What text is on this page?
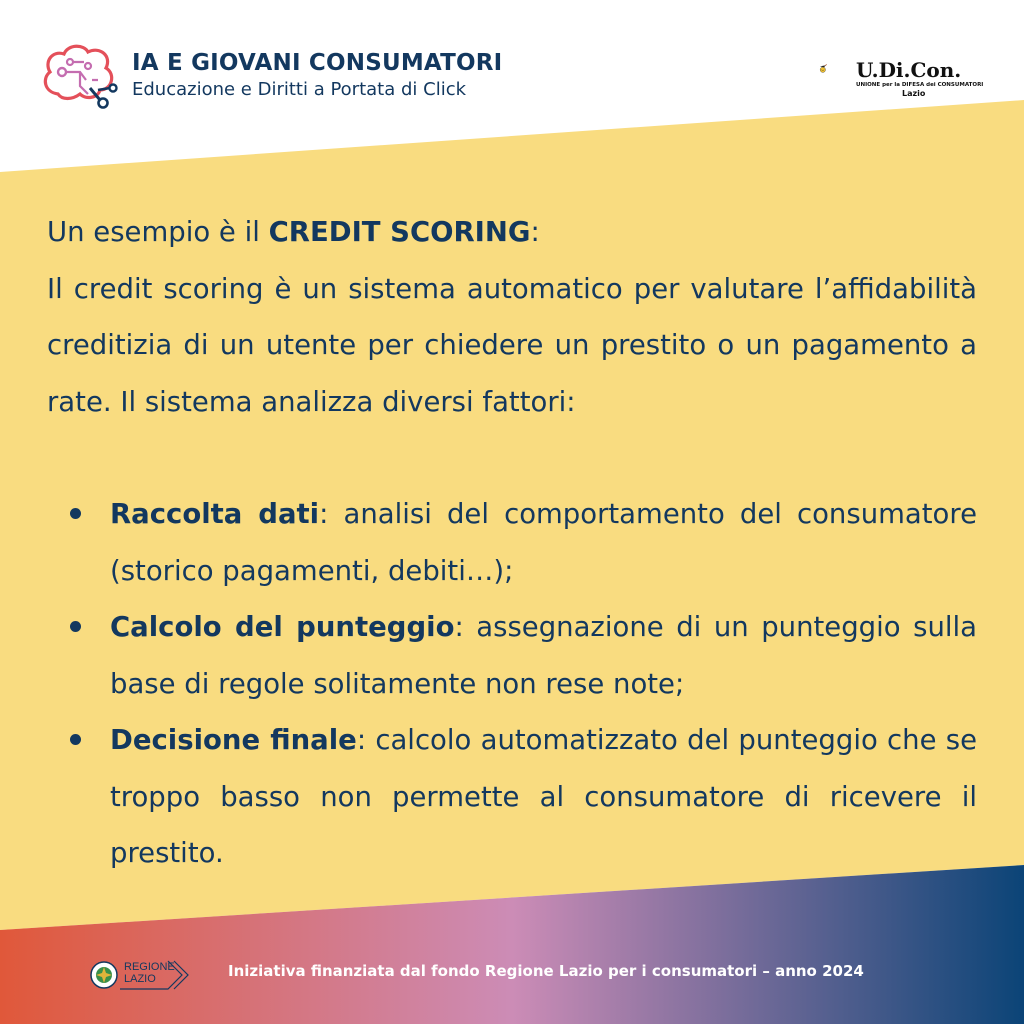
IA E GIOVANI CONSUMATORI
Educazione e Diritti a Portata di Click
U.Di.Con.
UNIONE per la DIFESA dei CONSUMATORI
Lazio

Un esempio è il CREDIT SCORING:

Il credit scoring è un sistema automatico per valutare l’affidabilità creditizia di un utente per chiedere un prestito o un pagamento a rate. Il sistema analizza diversi fattori:

Raccolta dati: analisi del comportamento del consumatore (storico pagamenti, debiti…);
Calcolo del punteggio: assegnazione di un punteggio sulla base di regole solitamente non rese note;
Decisione finale: calcolo automatizzato del punteggio che se troppo basso non permette al consumatore di ricevere il prestito.
REGIONE
LAZIO	Iniziativa finanziata dal fondo Regione Lazio per i consumatori – anno 2024
